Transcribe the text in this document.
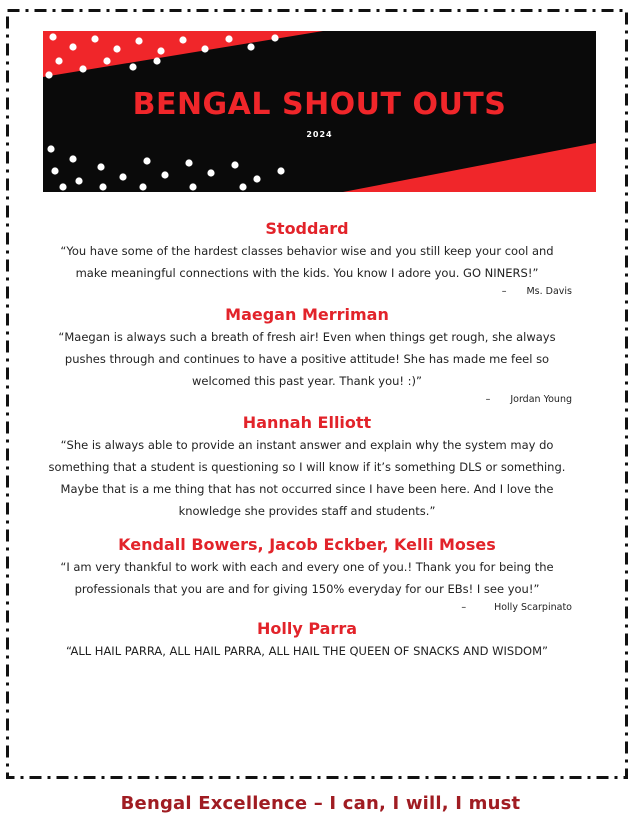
BENGAL SHOUT OUTS
2024

Stoddard

“You have some of the hardest classes behavior wise and you still keep your cool and make meaningful connections with the kids. You know I adore you. GO NINERS!”

– Ms. Davis

Maegan Merriman

“Maegan is always such a breath of fresh air! Even when things get rough, she always pushes through and continues to have a positive attitude! She has made me feel so welcomed this past year. Thank you! :)”

– Jordan Young

Hannah Elliott

“She is always able to provide an instant answer and explain why the system may do something that a student is questioning so I will know if it’s something DLS or something. Maybe that is a me thing that has not occurred since I have been here. And I love the knowledge she provides staff and students.”

Kendall Bowers, Jacob Eckber, Kelli Moses

“I am very thankful to work with each and every one of you.! Thank you for being the professionals that you are and for giving 150% everyday for our EBs! I see you!”

–	Holly Scarpinato

Holly Parra

“ALL HAIL PARRA, ALL HAIL PARRA, ALL HAIL THE QUEEN OF SNACKS AND WISDOM”

Bengal Excellence – I can, I will, I must
